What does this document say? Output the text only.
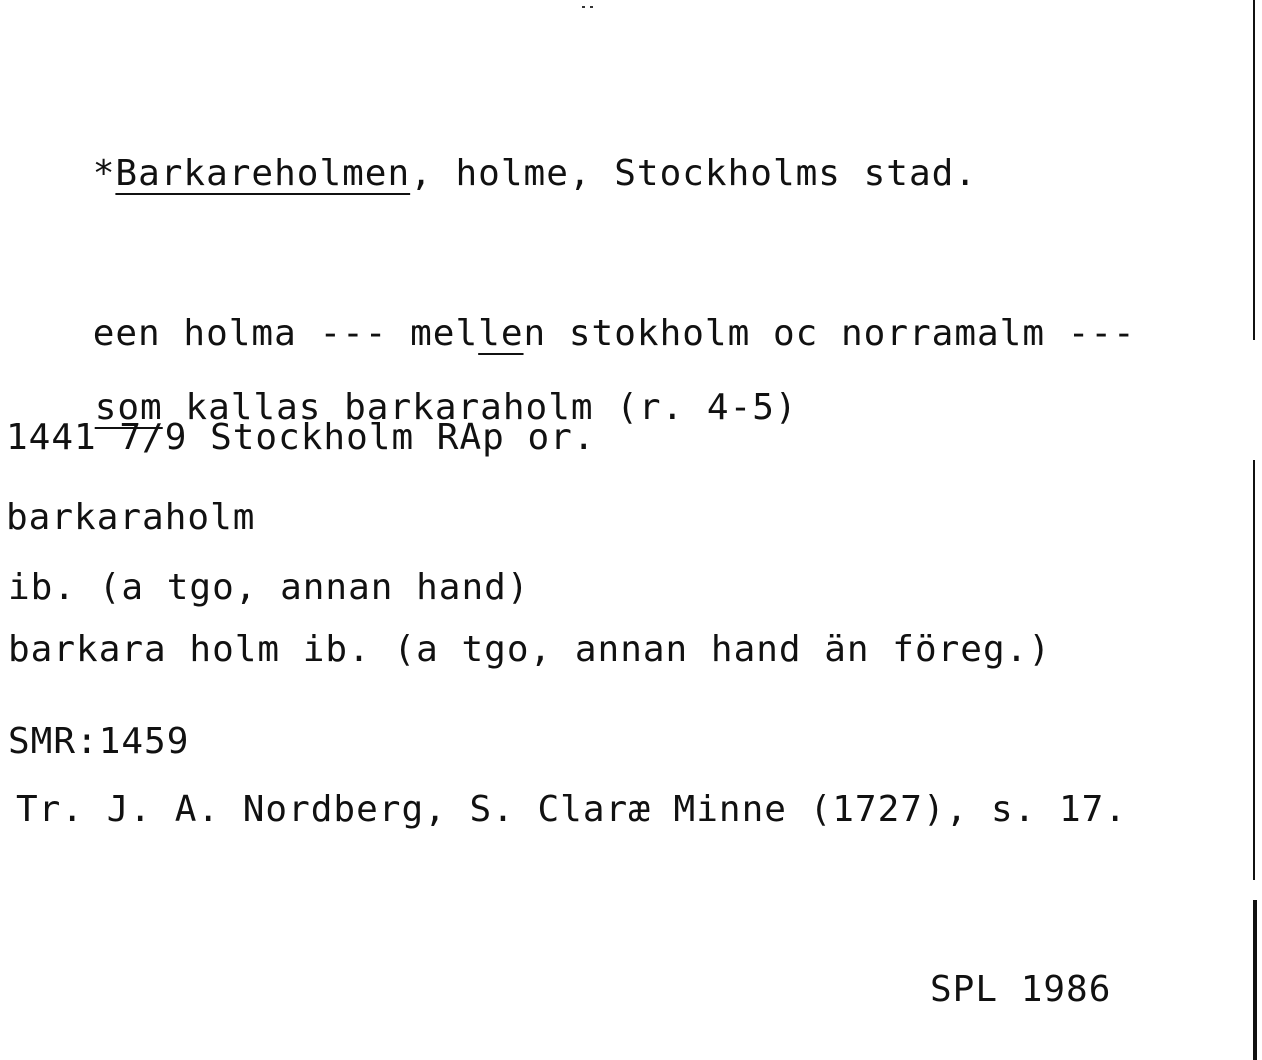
*Barkareholmen, holme, Stockholms stad.

een holma --- mellen stokholm oc norramalm ---

som kallas barkaraholm (r. 4-5)

1441 7/9 Stockholm RAp or.
barkaraholm
ib. (a tgo, annan hand)
barkara holm ib. (a tgo, annan hand än föreg.)
SMR:1459
Tr. J. A. Nordberg, S. Claræ Minne (1727), s. 17.
SPL 1986
